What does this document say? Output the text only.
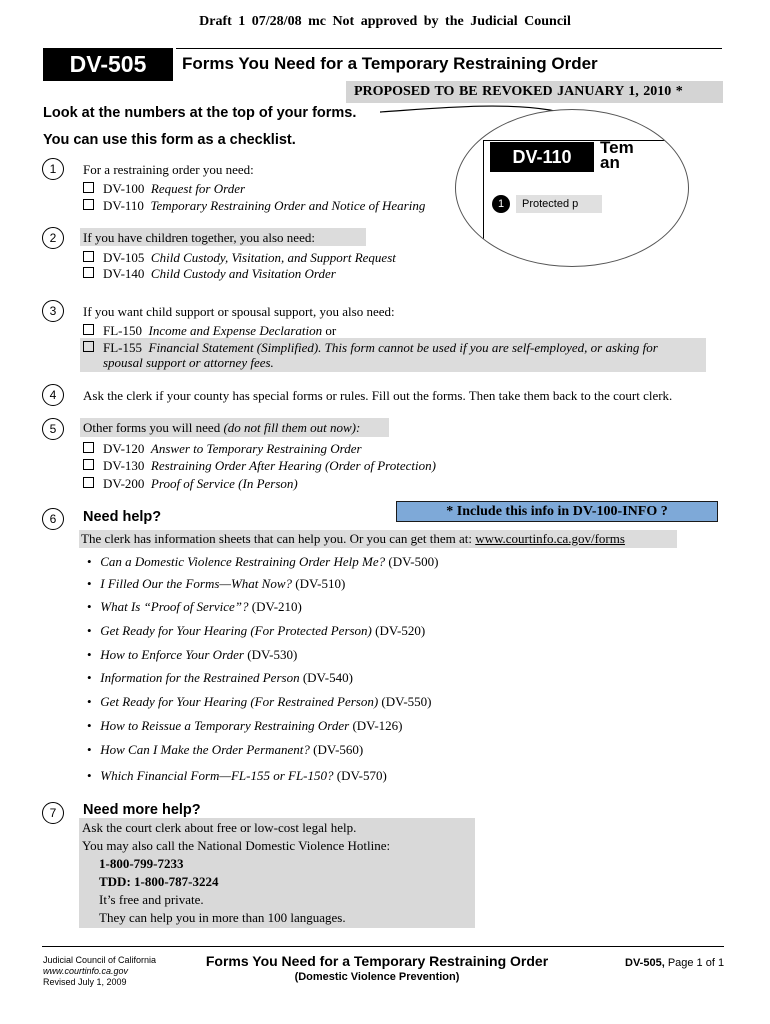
Draft 1 07/28/08 mc Not approved by the Judicial Council
DV-505	Forms You Need for a Temporary Restraining Order
PROPOSED TO BE REVOKED JANUARY 1, 2010 *
Look at the numbers at the top of your forms.
You can use this form as a checklist.
DV-110	Tem
an
1	Protected p
1	For a restraining order you need:
DV-100 Request for Order
DV-110 Temporary Restraining Order and Notice of Hearing
2	If you have children together, you also need:
DV-105 Child Custody, Visitation, and Support Request
DV-140 Child Custody and Visitation Order
3	If you want child support or spousal support, you also need:
FL-150 Income and Expense Declaration or
FL-155 Financial Statement (Simplified). This form cannot be used if you are self-employed, or asking for
spousal support or attorney fees.
4	Ask the clerk if your county has special forms or rules. Fill out the forms. Then take them back to the court clerk.
5	Other forms you will need (do not fill them out now):
DV-120 Answer to Temporary Restraining Order
DV-130 Restraining Order After Hearing (Order of Protection)
DV-200 Proof of Service (In Person)
* Include this info in DV-100-INFO ?
6	Need help?
The clerk has information sheets that can help you. Or you can get them at: www.courtinfo.ca.gov/forms
• Can a Domestic Violence Restraining Order Help Me? (DV-500)
• I Filled Our the Forms—What Now? (DV-510)
• What Is “Proof of Service”? (DV-210)
• Get Ready for Your Hearing (For Protected Person) (DV-520)
• How to Enforce Your Order (DV-530)
• Information for the Restrained Person (DV-540)
• Get Ready for Your Hearing (For Restrained Person) (DV-550)
• How to Reissue a Temporary Restraining Order (DV-126)
• How Can I Make the Order Permanent? (DV-560)
• Which Financial Form—FL-155 or FL-150? (DV-570)
7	Need more help?
Ask the court clerk about free or low-cost legal help.
You may also call the National Domestic Violence Hotline:
1-800-799-7233
TDD: 1-800-787-3224
It’s free and private.
They can help you in more than 100 languages.
Judicial Council of California
www.courtinfo.ca.gov
Revised July 1, 2009
Forms You Need for a Temporary Restraining Order
(Domestic Violence Prevention)
DV-505, Page 1 of 1
